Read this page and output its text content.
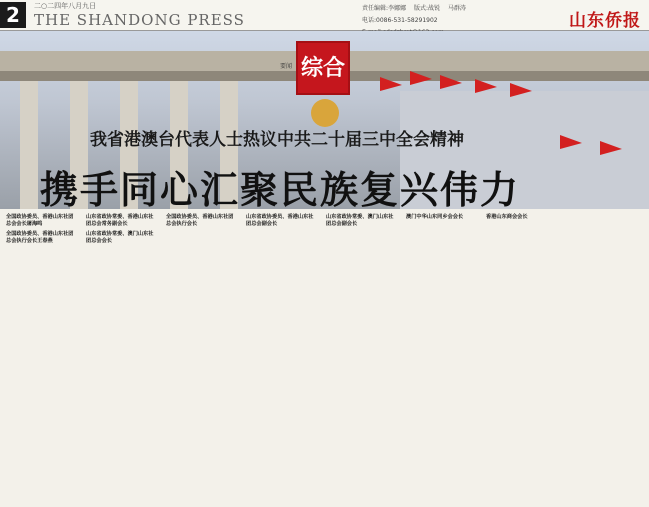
2	二○二四年八月九日
THE SHANDONG PRESS
责任编辑:李娜娜 版式:战锐 马群涛
电话:0086-531-58291902	山东侨报
要闻 综合
我省港澳台代表人士热议中共二十届三中全会精神
携手同心汇聚民族复兴伟力
全国政协委员、香港山东社团总会会长屠海鸣
全国政协委员、香港山东社团总会执行会长王春燕
山东省政协常委、香港山东社团总会常务副会长
山东省政协常委、澳门山东社团总会会长
全国政协委员、香港山东社团总会执行会长
山东省政协委员、香港山东社团总会副会长
山东省政协常委、澳门山东社团总会副会长
澳门中华山东同乡会会长	香港山东商会会长
